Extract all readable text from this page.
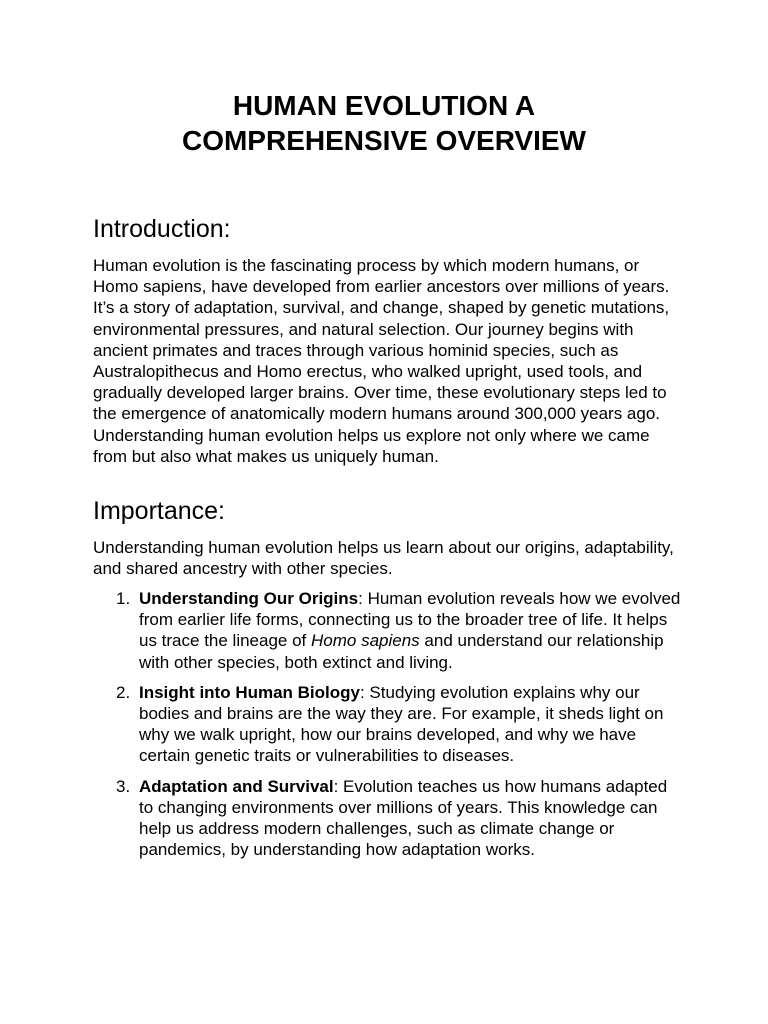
HUMAN EVOLUTION A
COMPREHENSIVE OVERVIEW
Introduction:

Human evolution is the fascinating process by which modern humans, or Homo sapiens, have developed from earlier ancestors over millions of years. It’s a story of adaptation, survival, and change, shaped by genetic mutations, environmental pressures, and natural selection. Our journey begins with ancient primates and traces through various hominid species, such as Australopithecus and Homo erectus, who walked upright, used tools, and gradually developed larger brains. Over time, these evolutionary steps led to the emergence of anatomically modern humans around 300,000 years ago. Understanding human evolution helps us explore not only where we came from but also what makes us uniquely human.

Importance:

Understanding human evolution helps us learn about our origins, adaptability, and shared ancestry with other species.

1. Understanding Our Origins: Human evolution reveals how we evolved from earlier life forms, connecting us to the broader tree of life. It helps us trace the lineage of Homo sapiens and understand our relationship with other species, both extinct and living.
2. Insight into Human Biology: Studying evolution explains why our bodies and brains are the way they are. For example, it sheds light on why we walk upright, how our brains developed, and why we have certain genetic traits or vulnerabilities to diseases.
3. Adaptation and Survival: Evolution teaches us how humans adapted to changing environments over millions of years. This knowledge can help us address modern challenges, such as climate change or pandemics, by understanding how adaptation works.
